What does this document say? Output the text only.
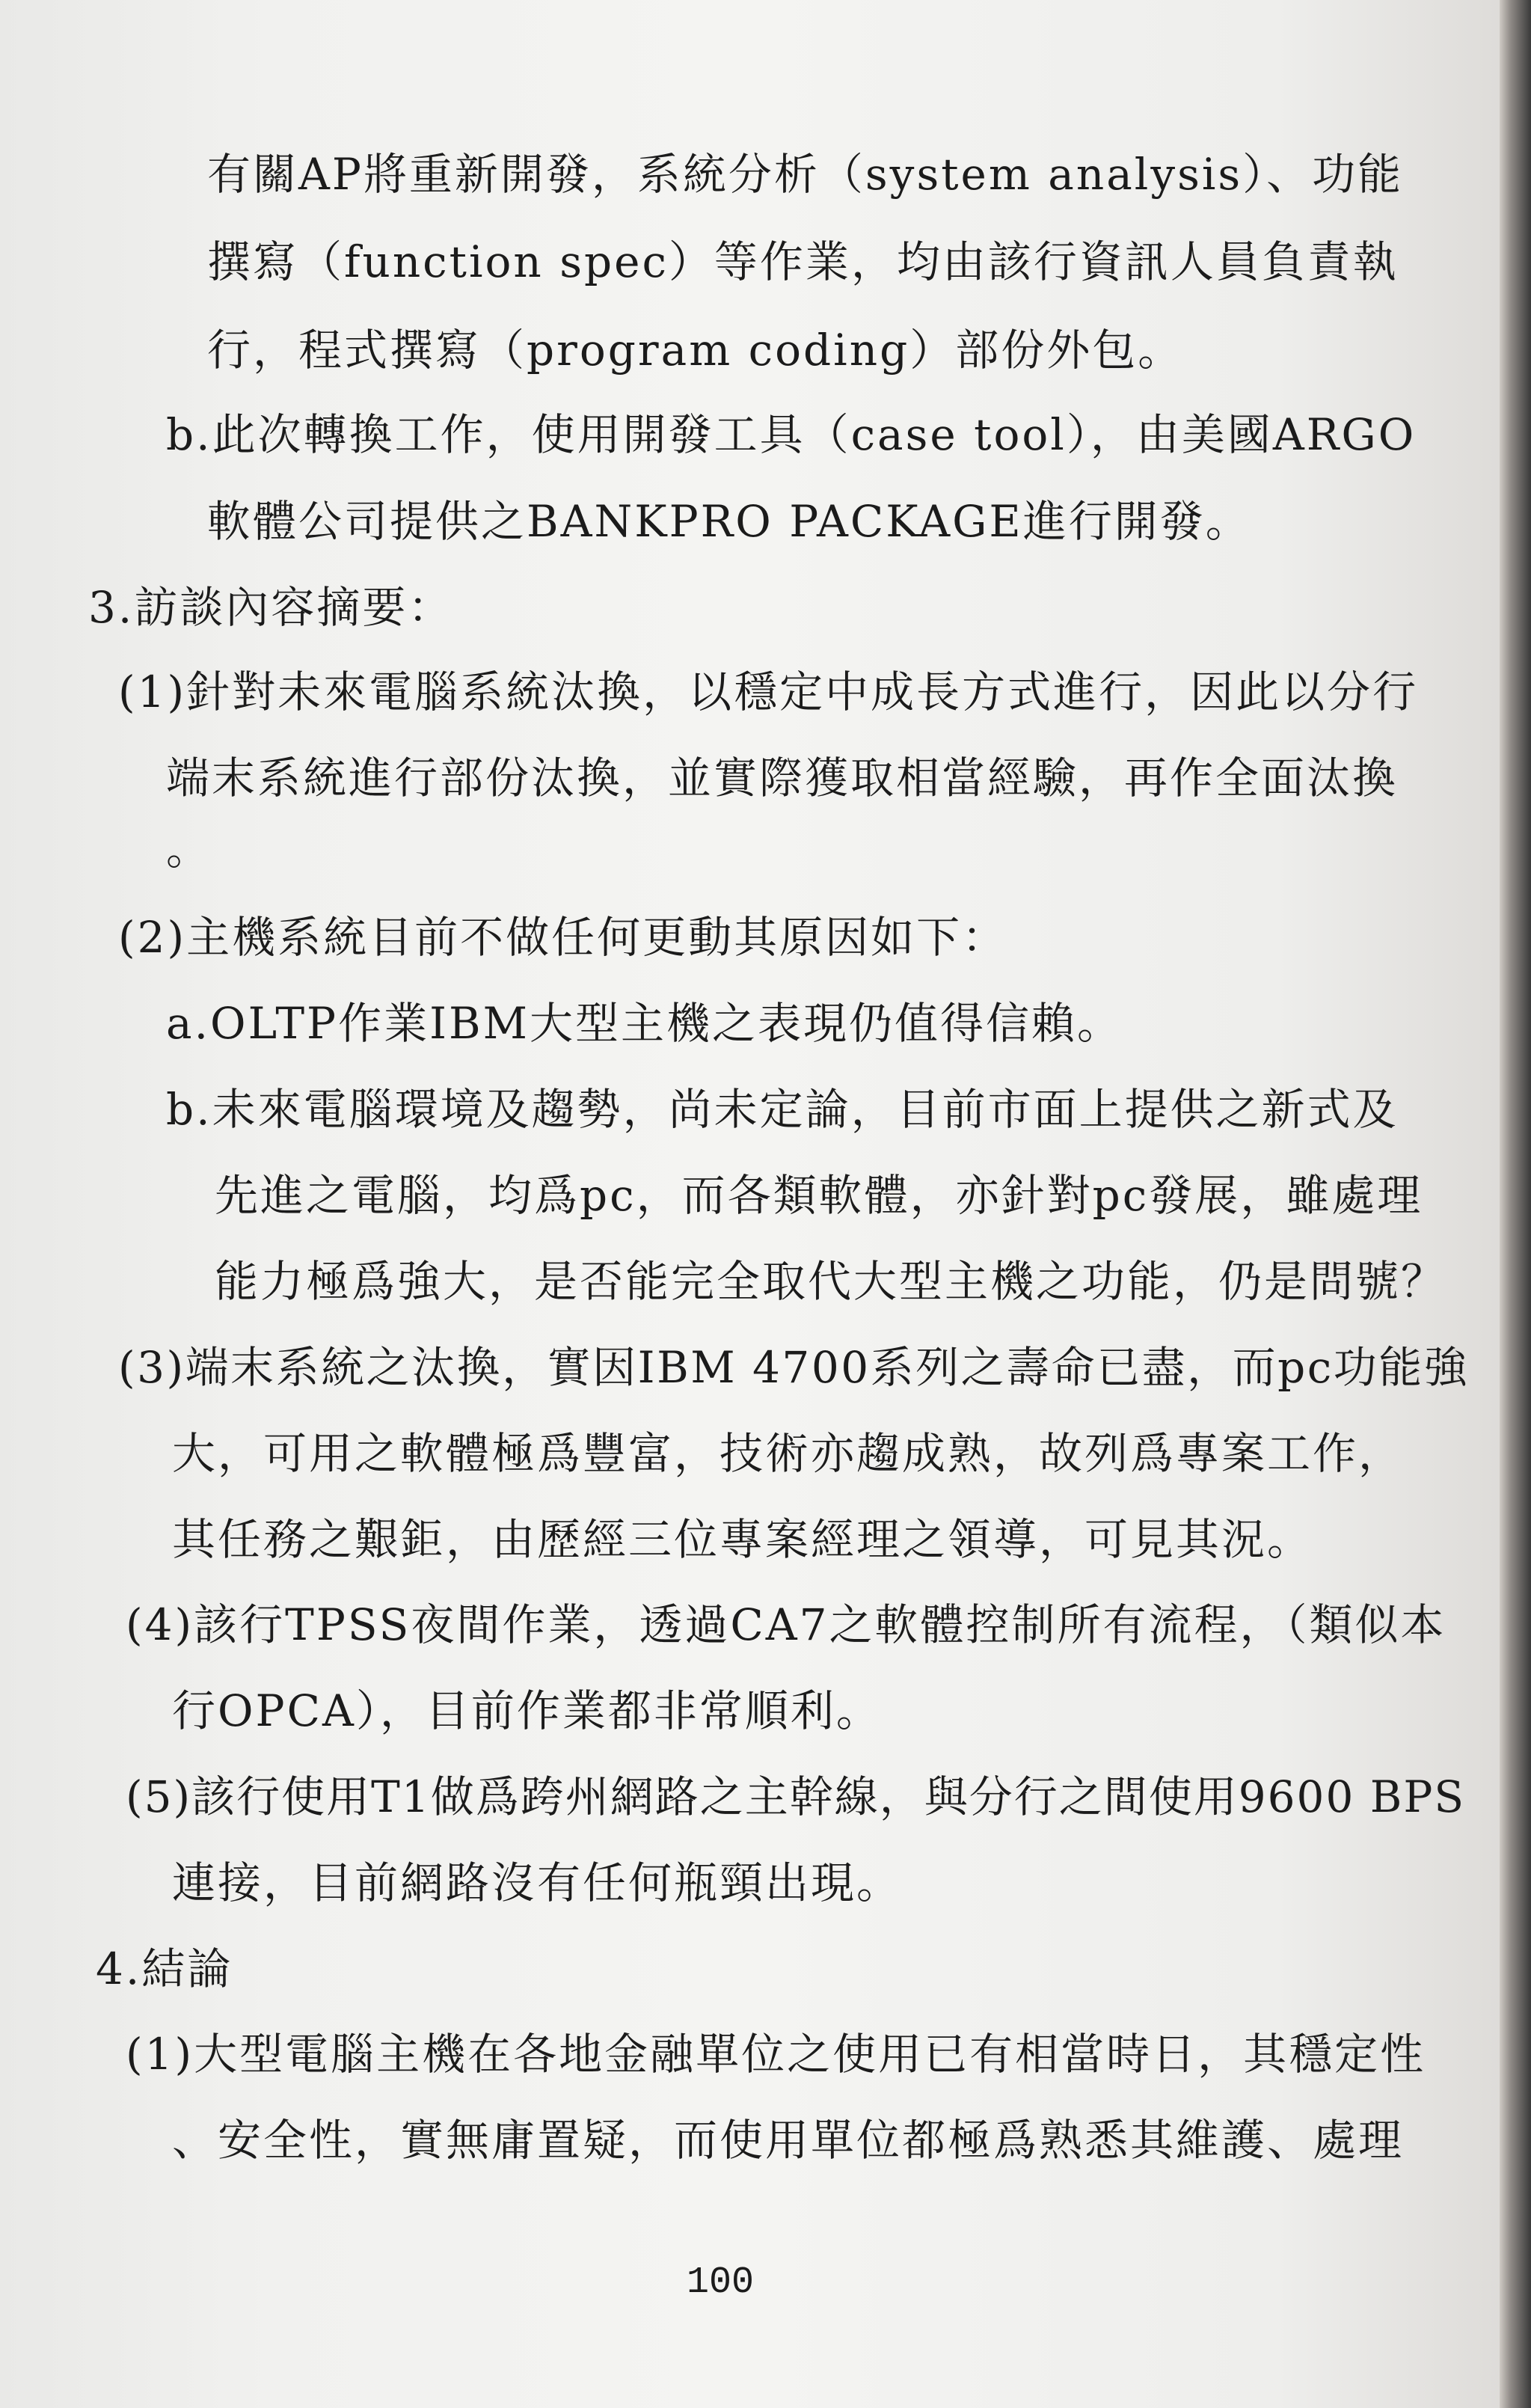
有關AP將重新開發，系統分析（system analysis）、功能
撰寫（function spec）等作業，均由該行資訊人員負責執
行，程式撰寫（program coding）部份外包。
b.此次轉換工作，使用開發工具（case tool），由美國ARGO
軟體公司提供之BANKPRO PACKAGE進行開發。
3.訪談內容摘要：
(1)針對未來電腦系統汰換，以穩定中成長方式進行，因此以分行
端末系統進行部份汰換，並實際獲取相當經驗，再作全面汰換
。
(2)主機系統目前不做任何更動其原因如下：
a.OLTP作業IBM大型主機之表現仍值得信賴。
b.未來電腦環境及趨勢，尚未定論，目前市面上提供之新式及
先進之電腦，均爲pc，而各類軟體，亦針對pc發展，雖處理
能力極爲強大，是否能完全取代大型主機之功能，仍是問號？
(3)端末系統之汰換，實因IBM 4700系列之壽命已盡，而pc功能強
大，可用之軟體極爲豐富，技術亦趨成熟，故列爲專案工作，
其任務之艱鉅，由歷經三位專案經理之領導，可見其況。
(4)該行TPSS夜間作業，透過CA7之軟體控制所有流程，（類似本
行OPCA），目前作業都非常順利。
(5)該行使用T1做爲跨州網路之主幹線，與分行之間使用9600 BPS
連接，目前網路沒有任何瓶頸出現。
4.結論
(1)大型電腦主機在各地金融單位之使用已有相當時日，其穩定性
、安全性，實無庸置疑，而使用單位都極爲熟悉其維護、處理
100
